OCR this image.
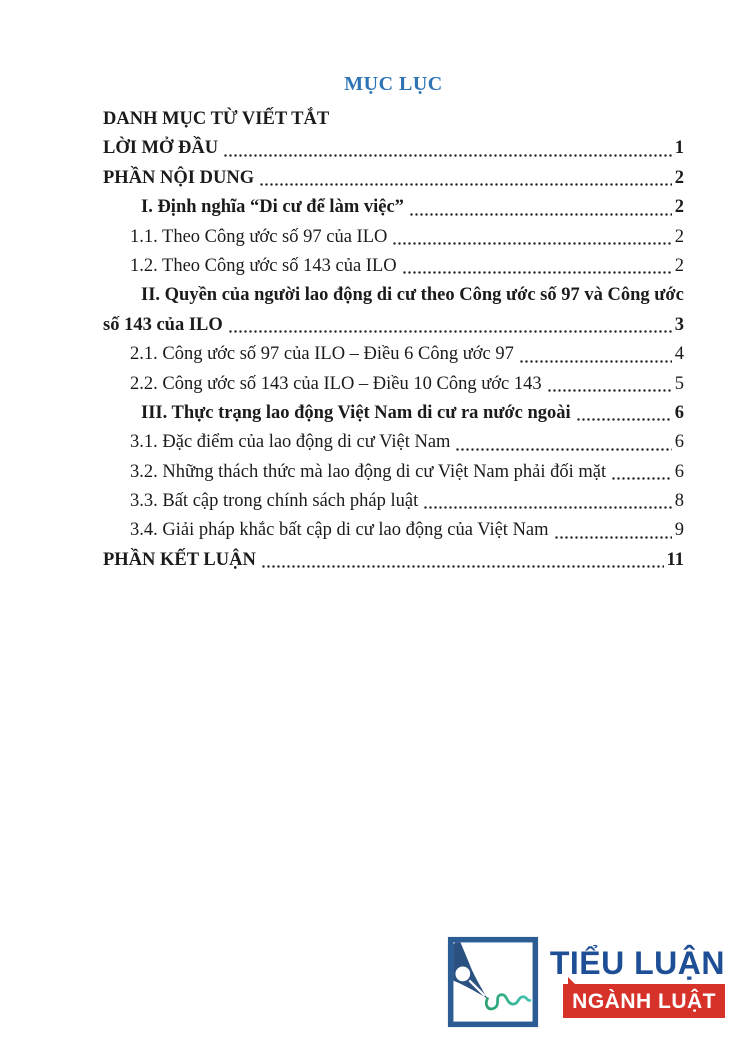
MỤC LỤC
DANH MỤC TỪ VIẾT TẮT
LỜI MỞ ĐẦU	1
PHẦN NỘI DUNG	2
I. Định nghĩa “Di cư để làm việc”	2
1.1. Theo Công ước số 97 của ILO	2
1.2. Theo Công ước số 143 của ILO	2
II. Quyền của người lao động di cư theo Công ước số 97 và Công ước
số 143 của ILO	3
2.1. Công ước số 97 của ILO – Điều 6 Công ước 97	4
2.2. Công ước số 143 của ILO – Điều 10 Công ước 143	5
III. Thực trạng lao động Việt Nam di cư ra nước ngoài	6
3.1. Đặc điểm của lao động di cư Việt Nam	6
3.2. Những thách thức mà lao động di cư Việt Nam phải đối mặt	6
3.3. Bất cập trong chính sách pháp luật	8
3.4. Giải pháp khắc bất cập di cư lao động của Việt Nam	9
PHẦN KẾT LUẬN	11
TIỂU LUẬN
NGÀNH LUẬT
